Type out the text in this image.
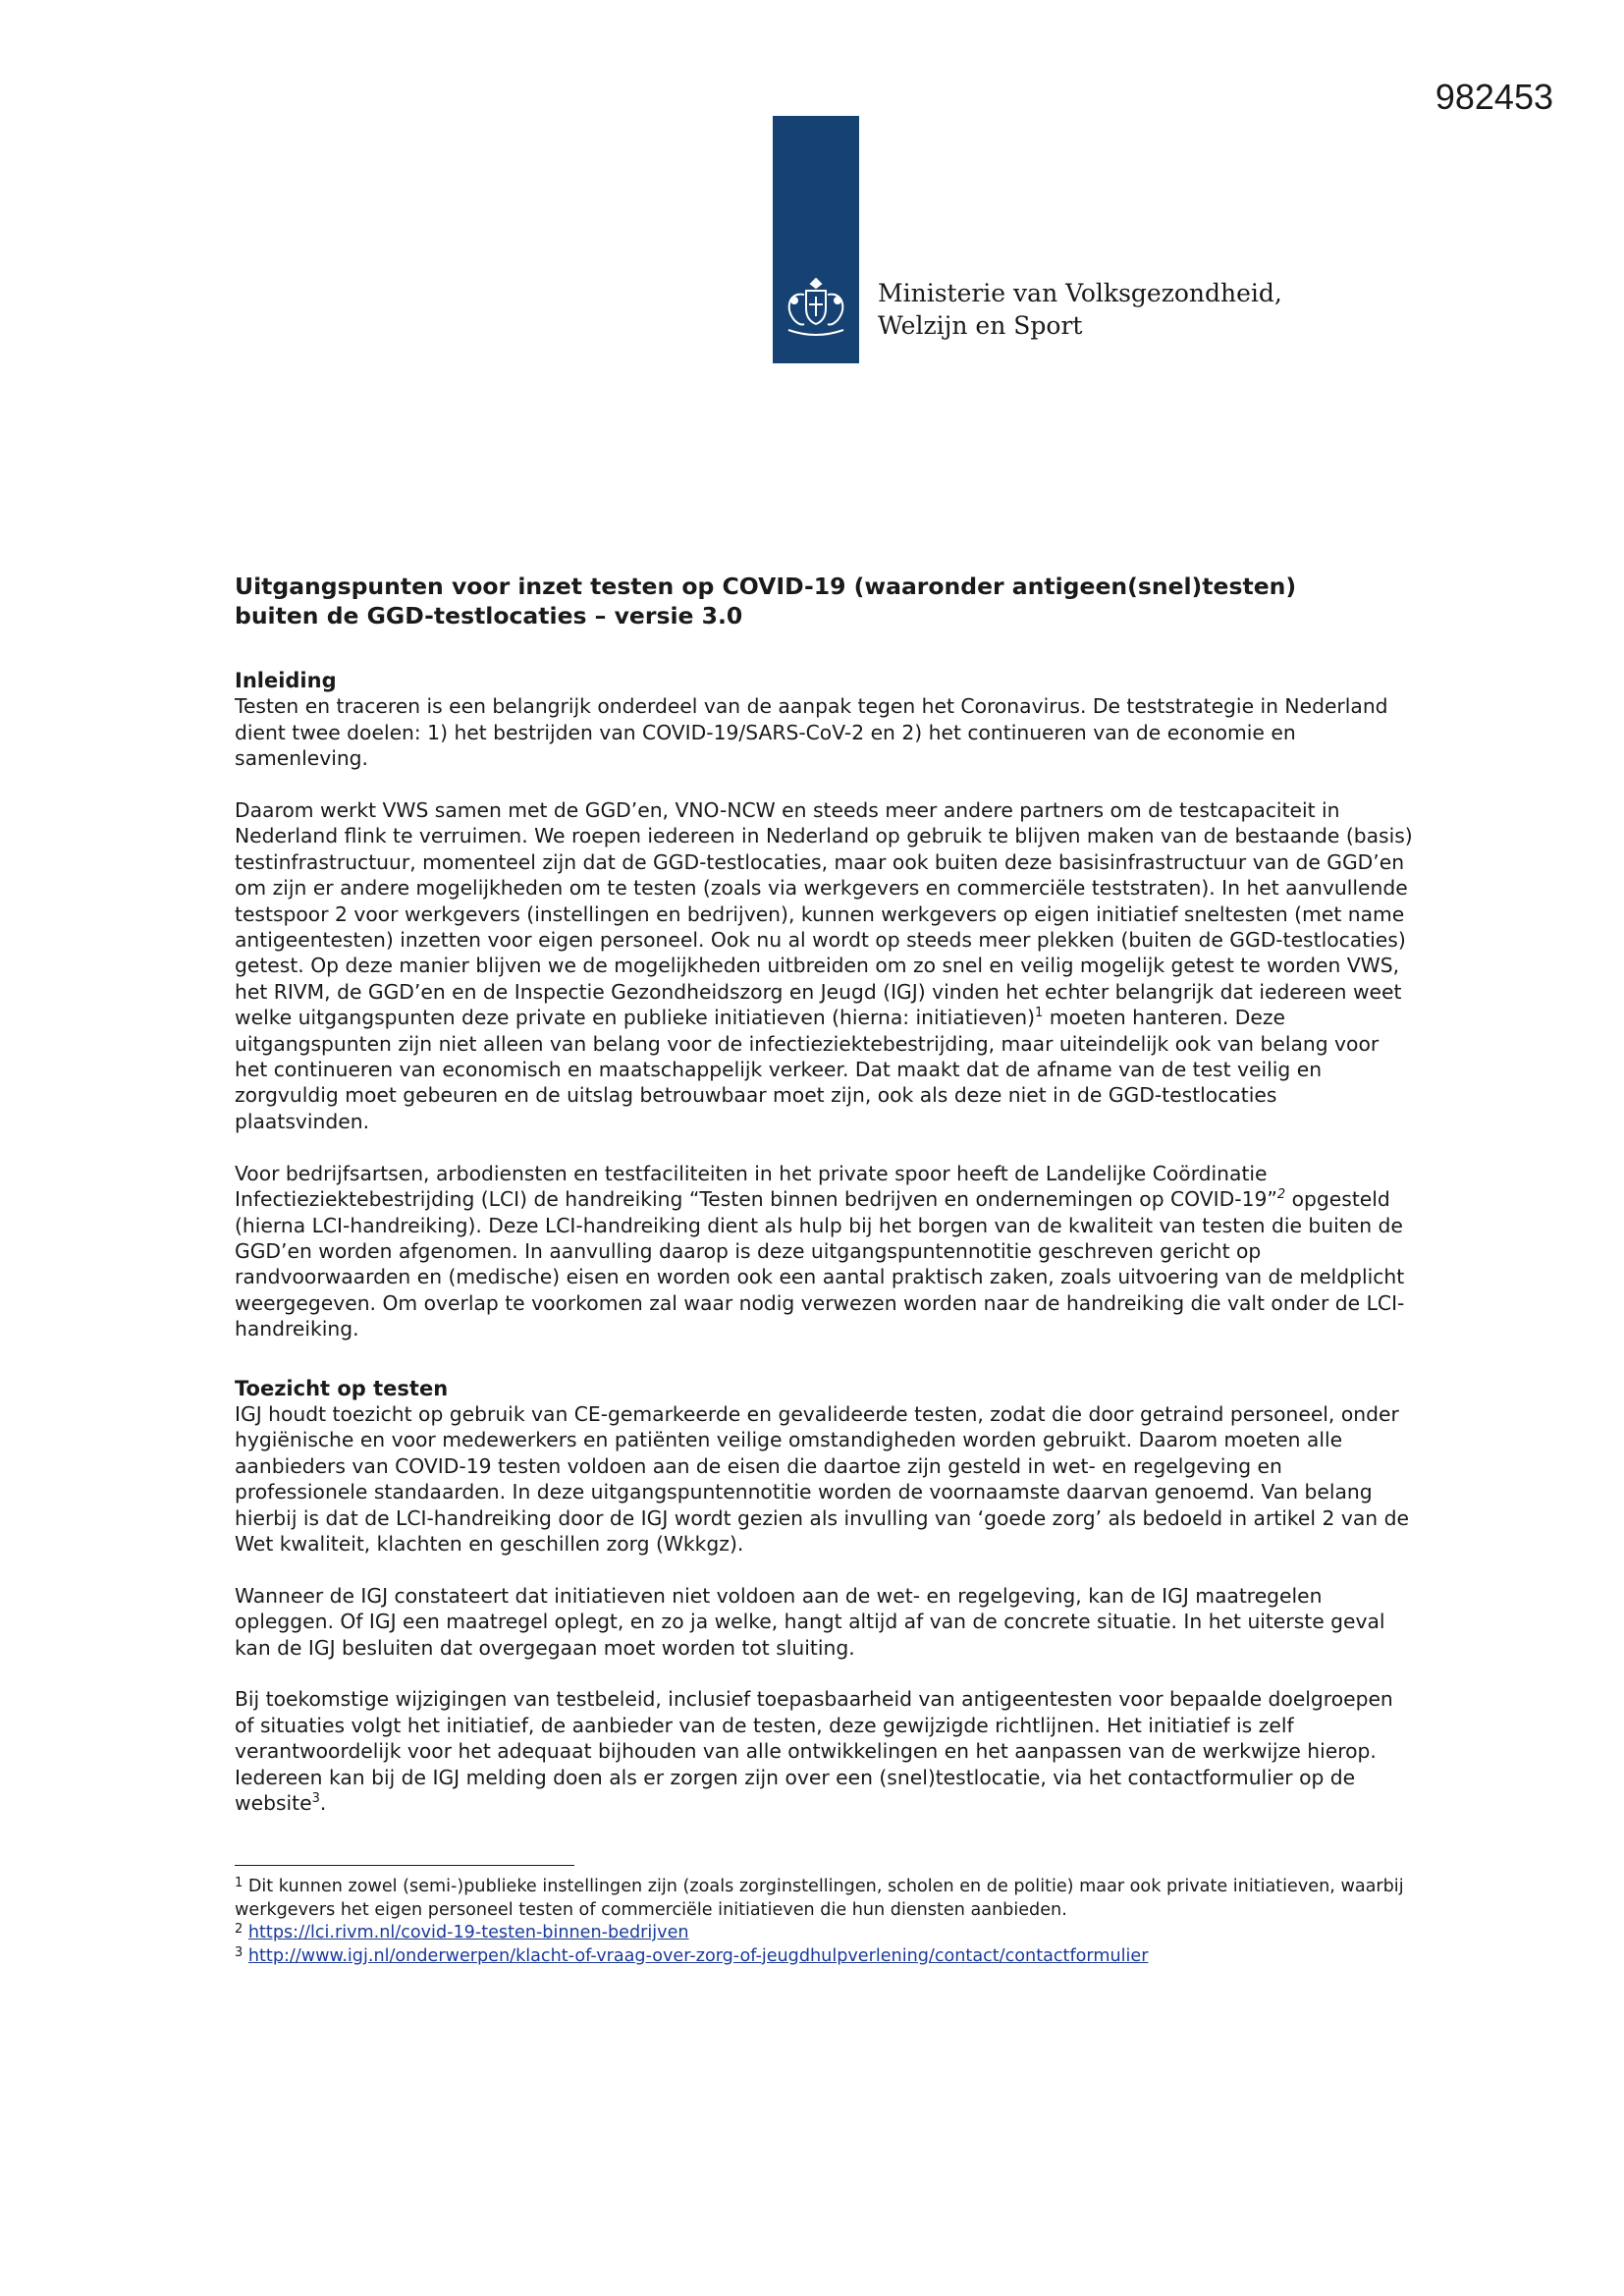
982453
Ministerie van Volksgezondheid,
Welzijn en Sport
Uitgangspunten voor inzet testen op COVID-19 (waaronder antigeen(snel)testen)
buiten de GGD-testlocaties – versie 3.0
Inleiding

Testen en traceren is een belangrijk onderdeel van de aanpak tegen het Coronavirus. De teststrategie in Nederland dient twee doelen: 1) het bestrijden van COVID-19/SARS-CoV-2 en 2) het continueren van de economie en samenleving.

Daarom werkt VWS samen met de GGD’en, VNO-NCW en steeds meer andere partners om de testcapaciteit in Nederland flink te verruimen. We roepen iedereen in Nederland op gebruik te blijven maken van de bestaande (basis) testinfrastructuur, momenteel zijn dat de GGD-testlocaties, maar ook buiten deze basisinfrastructuur van de GGD’en om zijn er andere mogelijkheden om te testen (zoals via werkgevers en commerciële teststraten). In het aanvullende testspoor 2 voor werkgevers (instellingen en bedrijven), kunnen werkgevers op eigen initiatief sneltesten (met name antigeentesten) inzetten voor eigen personeel. Ook nu al wordt op steeds meer plekken (buiten de GGD-testlocaties) getest. Op deze manier blijven we de mogelijkheden uitbreiden om zo snel en veilig mogelijk getest te worden VWS, het RIVM, de GGD’en en de Inspectie Gezondheidszorg en Jeugd (IGJ) vinden het echter belangrijk dat iedereen weet welke uitgangspunten deze private en publieke initiatieven (hierna: initiatieven)$^1$ moeten hanteren. Deze uitgangspunten zijn niet alleen van belang voor de infectieziektebestrijding, maar uiteindelijk ook van belang voor het continueren van economisch en maatschappelijk verkeer. Dat maakt dat de afname van de test veilig en zorgvuldig moet gebeuren en de uitslag betrouwbaar moet zijn, ook als deze niet in de GGD-testlocaties plaatsvinden.

Voor bedrijfsartsen, arbodiensten en testfaciliteiten in het private spoor heeft de Landelijke Coördinatie Infectieziektebestrijding (LCI) de handreiking “Testen binnen bedrijven en ondernemingen op COVID-19”$^2$ opgesteld (hierna LCI-handreiking). Deze LCI-handreiking dient als hulp bij het borgen van de kwaliteit van testen die buiten de GGD’en worden afgenomen. In aanvulling daarop is deze uitgangspuntennotitie geschreven gericht op randvoorwaarden en (medische) eisen en worden ook een aantal praktisch zaken, zoals uitvoering van de meldplicht weergegeven. Om overlap te voorkomen zal waar nodig verwezen worden naar de handreiking die valt onder de LCI-handreiking.

Toezicht op testen

IGJ houdt toezicht op gebruik van CE-gemarkeerde en gevalideerde testen, zodat die door getraind personeel, onder hygiënische en voor medewerkers en patiënten veilige omstandigheden worden gebruikt. Daarom moeten alle aanbieders van COVID-19 testen voldoen aan de eisen die daartoe zijn gesteld in wet- en regelgeving en professionele standaarden. In deze uitgangspuntennotitie worden de voornaamste daarvan genoemd. Van belang hierbij is dat de LCI-handreiking door de IGJ wordt gezien als invulling van ‘goede zorg’ als bedoeld in artikel 2 van de Wet kwaliteit, klachten en geschillen zorg (Wkkgz).

Wanneer de IGJ constateert dat initiatieven niet voldoen aan de wet- en regelgeving, kan de IGJ maatregelen opleggen. Of IGJ een maatregel oplegt, en zo ja welke, hangt altijd af van de concrete situatie. In het uiterste geval kan de IGJ besluiten dat overgegaan moet worden tot sluiting.

Bij toekomstige wijzigingen van testbeleid, inclusief toepasbaarheid van antigeentesten voor bepaalde doelgroepen of situaties volgt het initiatief, de aanbieder van de testen, deze gewijzigde richtlijnen. Het initiatief is zelf verantwoordelijk voor het adequaat bijhouden van alle ontwikkelingen en het aanpassen van de werkwijze hierop. Iedereen kan bij de IGJ melding doen als er zorgen zijn over een (snel)testlocatie, via het contactformulier op de website$^3$.

$^1$ Dit kunnen zowel (semi-)publieke instellingen zijn (zoals zorginstellingen, scholen en de politie) maar ook private initiatieven, waarbij werkgevers het eigen personeel testen of commerciële initiatieven die hun diensten aanbieden.
$^2$ https://lci.rivm.nl/covid-19-testen-binnen-bedrijven
$^3$ http://www.igj.nl/onderwerpen/klacht-of-vraag-over-zorg-of-jeugdhulpverlening/contact/contactformulier
